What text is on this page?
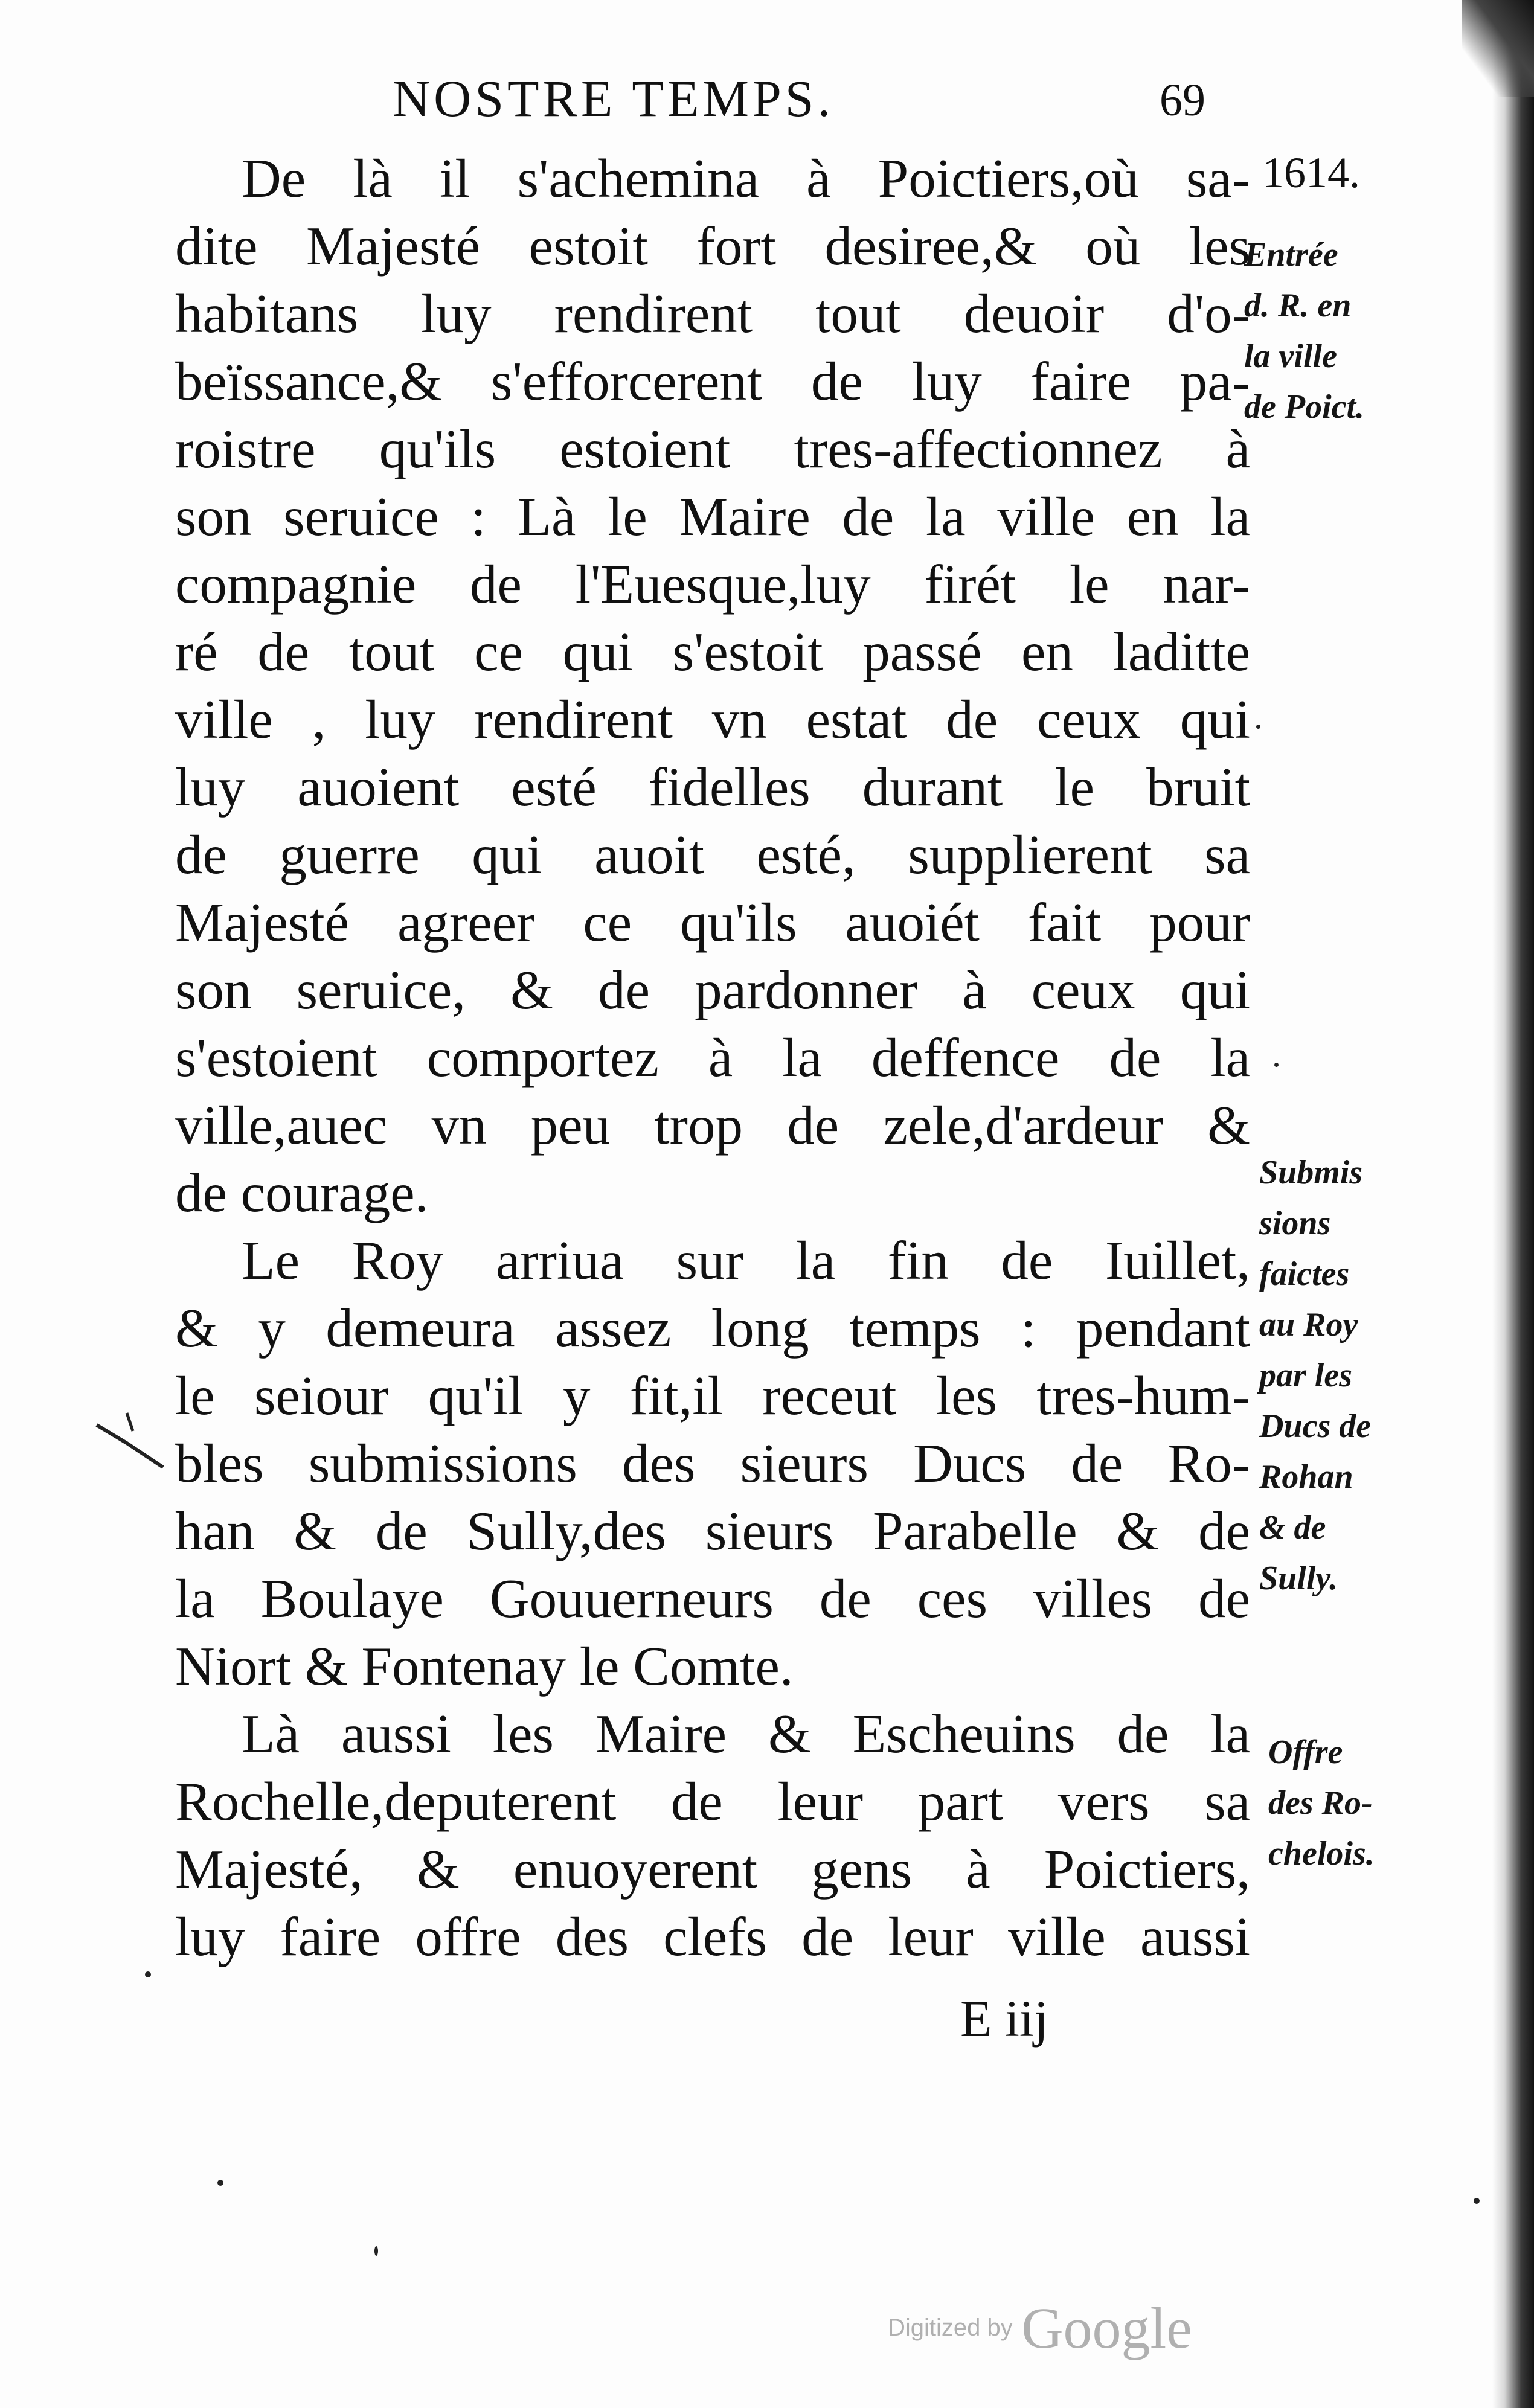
NOSTRE TEMPS.	69
1614.
De là il s'achemina à Poictiers,où sa-
dite Majesté estoit fort desiree,& où les
habitans luy rendirent tout deuoir d'o-
beïssance,& s'efforcerent de luy faire pa-
roistre qu'ils estoient tres-affectionnez à
son seruice : Là le Maire de la ville en la
compagnie de l'Euesque,luy firét le nar-
ré de tout ce qui s'estoit passé en laditte
ville , luy rendirent vn estat de ceux qui
luy auoient esté fidelles durant le bruit
de guerre qui auoit esté, supplierent sa
Majesté agreer ce qu'ils auoiét fait pour
son seruice, & de pardonner à ceux qui
s'estoient comportez à la deffence de la
ville,auec vn peu trop de zele,d'ardeur &
de courage.
Le Roy arriua sur la fin de Iuillet,
& y demeura assez long temps : pendant
le seiour qu'il y fit,il receut les tres-hum-
bles submissions des sieurs Ducs de Ro-
han & de Sully,des sieurs Parabelle & de
la Boulaye Gouuerneurs de ces villes de
Niort & Fontenay le Comte.
Là aussi les Maire & Escheuins de la
Rochelle,deputerent de leur part vers sa
Majesté, & enuoyerent gens à Poictiers,
luy faire offre des clefs de leur ville aussi
Entrée
d. R. en
la ville
de Poict.
Submis
sions
faictes
au Roy
par les
Ducs de
Rohan
& de
Sully.
Offre
des Ro-
chelois.
E iij
Digitized by Google
